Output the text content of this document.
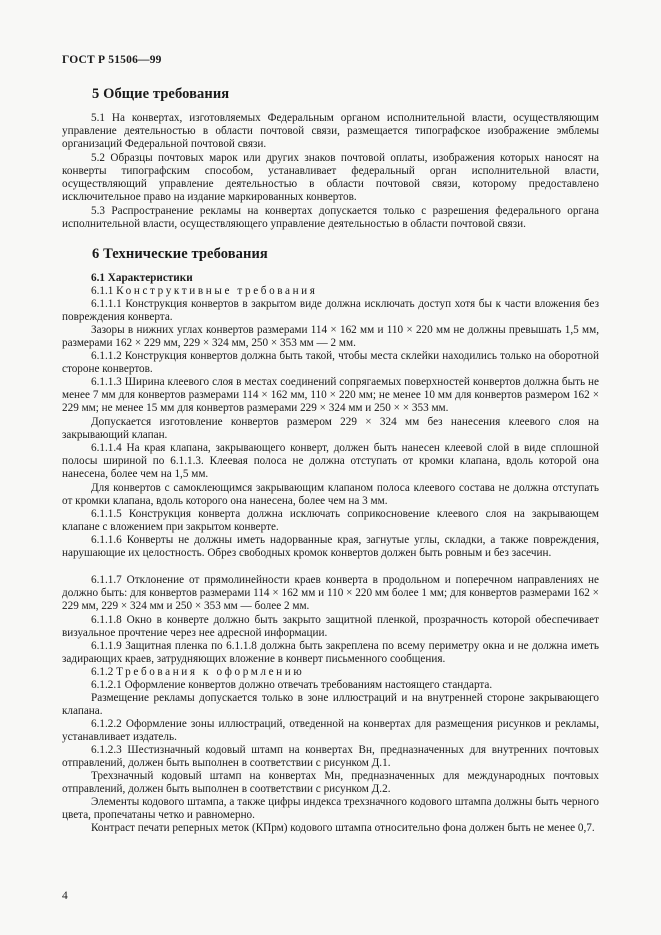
ГОСТ Р 51506—99
5 Общие требования
5.1 На конвертах, изготовляемых Федеральным органом исполнительной власти, осуществляющим управление деятельностью в области почтовой связи, размещается типографское изображение эмблемы организаций Федеральной почтовой связи.
5.2 Образцы почтовых марок или других знаков почтовой оплаты, изображения которых наносят на конверты типографским способом, устанавливает федеральный орган исполнительной власти, осуществляющий управление деятельностью в области почтовой связи, которому предоставлено исключительное право на издание маркированных конвертов.
5.3 Распространение рекламы на конвертах допускается только с разрешения федерального органа исполнительной власти, осуществляющего управление деятельностью в области почтовой связи.
6 Технические требования
6.1 Характеристики
6.1.1 Конструктивные требования
6.1.1.1 Конструкция конвертов в закрытом виде должна исключать доступ хотя бы к части вложения без повреждения конверта.
Зазоры в нижних углах конвертов размерами 114 × 162 мм и 110 × 220 мм не должны превышать 1,5 мм, размерами 162 × 229 мм, 229 × 324 мм, 250 × 353 мм — 2 мм.
6.1.1.2 Конструкция конвертов должна быть такой, чтобы места склейки находились только на оборотной стороне конвертов.
6.1.1.3 Ширина клеевого слоя в местах соединений сопрягаемых поверхностей конвертов должна быть не менее 7 мм для конвертов размерами 114 × 162 мм, 110 × 220 мм; не менее 10 мм для конвертов размером 162 × 229 мм; не менее 15 мм для конвертов размерами 229 × 324 мм и 250 × × 353 мм.
Допускается изготовление конвертов размером 229 × 324 мм без нанесения клеевого слоя на закрывающий клапан.
6.1.1.4 На края клапана, закрывающего конверт, должен быть нанесен клеевой слой в виде сплошной полосы шириной по 6.1.1.3. Клеевая полоса не должна отступать от кромки клапана, вдоль которой она нанесена, более чем на 1,5 мм.
Для конвертов с самоклеющимся закрывающим клапаном полоса клеевого состава не должна отступать от кромки клапана, вдоль которого она нанесена, более чем на 3 мм.
6.1.1.5 Конструкция конверта должна исключать соприкосновение клеевого слоя на закрывающем клапане с вложением при закрытом конверте.
6.1.1.6 Конверты не должны иметь надорванные края, загнутые углы, складки, а также повреждения, нарушающие их целостность. Обрез свободных кромок конвертов должен быть ровным и без засечин.
6.1.1.7 Отклонение от прямолинейности краев конверта в продольном и поперечном направлениях не должно быть: для конвертов размерами 114 × 162 мм и 110 × 220 мм более 1 мм; для конвертов размерами 162 × 229 мм, 229 × 324 мм и 250 × 353 мм — более 2 мм.
6.1.1.8 Окно в конверте должно быть закрыто защитной пленкой, прозрачность которой обеспечивает визуальное прочтение через нее адресной информации.
6.1.1.9 Защитная пленка по 6.1.1.8 должна быть закреплена по всему периметру окна и не должна иметь задирающих краев, затрудняющих вложение в конверт письменного сообщения.
6.1.2 Требования к оформлению
6.1.2.1 Оформление конвертов должно отвечать требованиям настоящего стандарта.
Размещение рекламы допускается только в зоне иллюстраций и на внутренней стороне закрывающего клапана.
6.1.2.2 Оформление зоны иллюстраций, отведенной на конвертах для размещения рисунков и рекламы, устанавливает издатель.
6.1.2.3 Шестизначный кодовый штамп на конвертах Вн, предназначенных для внутренних почтовых отправлений, должен быть выполнен в соответствии с рисунком Д.1.
Трехзначный кодовый штамп на конвертах Мн, предназначенных для международных почтовых отправлений, должен быть выполнен в соответствии с рисунком Д.2.
Элементы кодового штампа, а также цифры индекса трехзначного кодового штампа должны быть черного цвета, пропечатаны четко и равномерно.
Контраст печати реперных меток (КПрм) кодового штампа относительно фона должен быть не менее 0,7.
4
